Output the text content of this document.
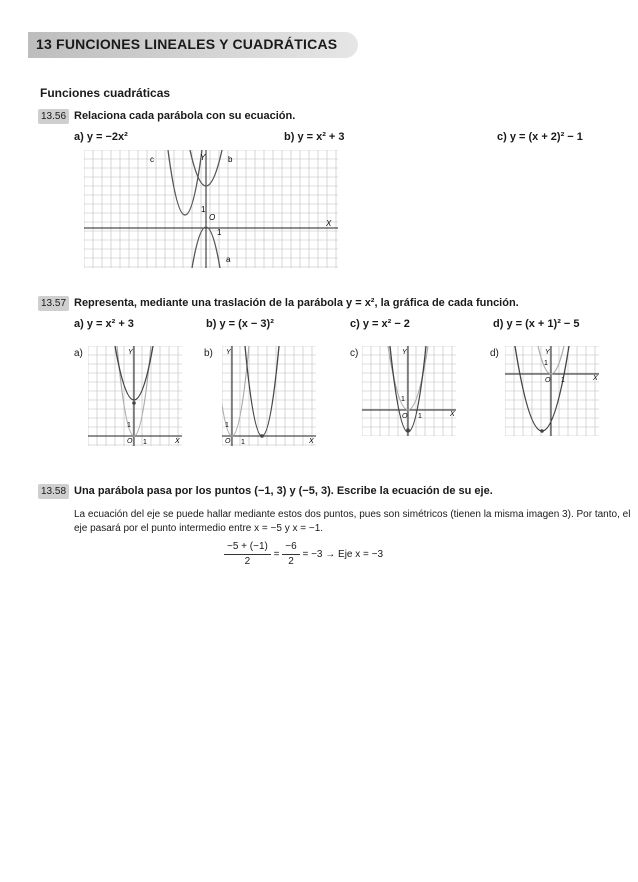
13 FUNCIONES LINEALES Y CUADRÁTICAS
Funciones cuadráticas
13.56 Relaciona cada parábola con su ecuación.
a) y = −2x²	b) y = x² + 3	c) y = (x + 2)² − 1
c	b
a
Y
X
O
1
1
13.57 Representa, mediante una traslación de la parábola y = x², la gráfica de cada función.
a) y = x² + 3	b) y = (x − 3)²	c) y = x² − 2	d) y = (x + 1)² − 5
a)	b)	c)	d)
Y
X
O 1
1
Y
X
O 1
1
Y
X
O 1
1
Y
X
O 1
1
13.58 Una parábola pasa por los puntos (−1, 3) y (−5, 3). Escribe la ecuación de su eje.
La ecuación del eje se puede hallar mediante estos dos puntos, pues son simétricos (tienen la misma imagen 3). Por tanto, el
eje pasará por el punto intermedio entre x = −5 y x = −1.
$\frac{-5 + (-1)}{2} = \frac{-6}{2} = -3$ → Eje x = −3
